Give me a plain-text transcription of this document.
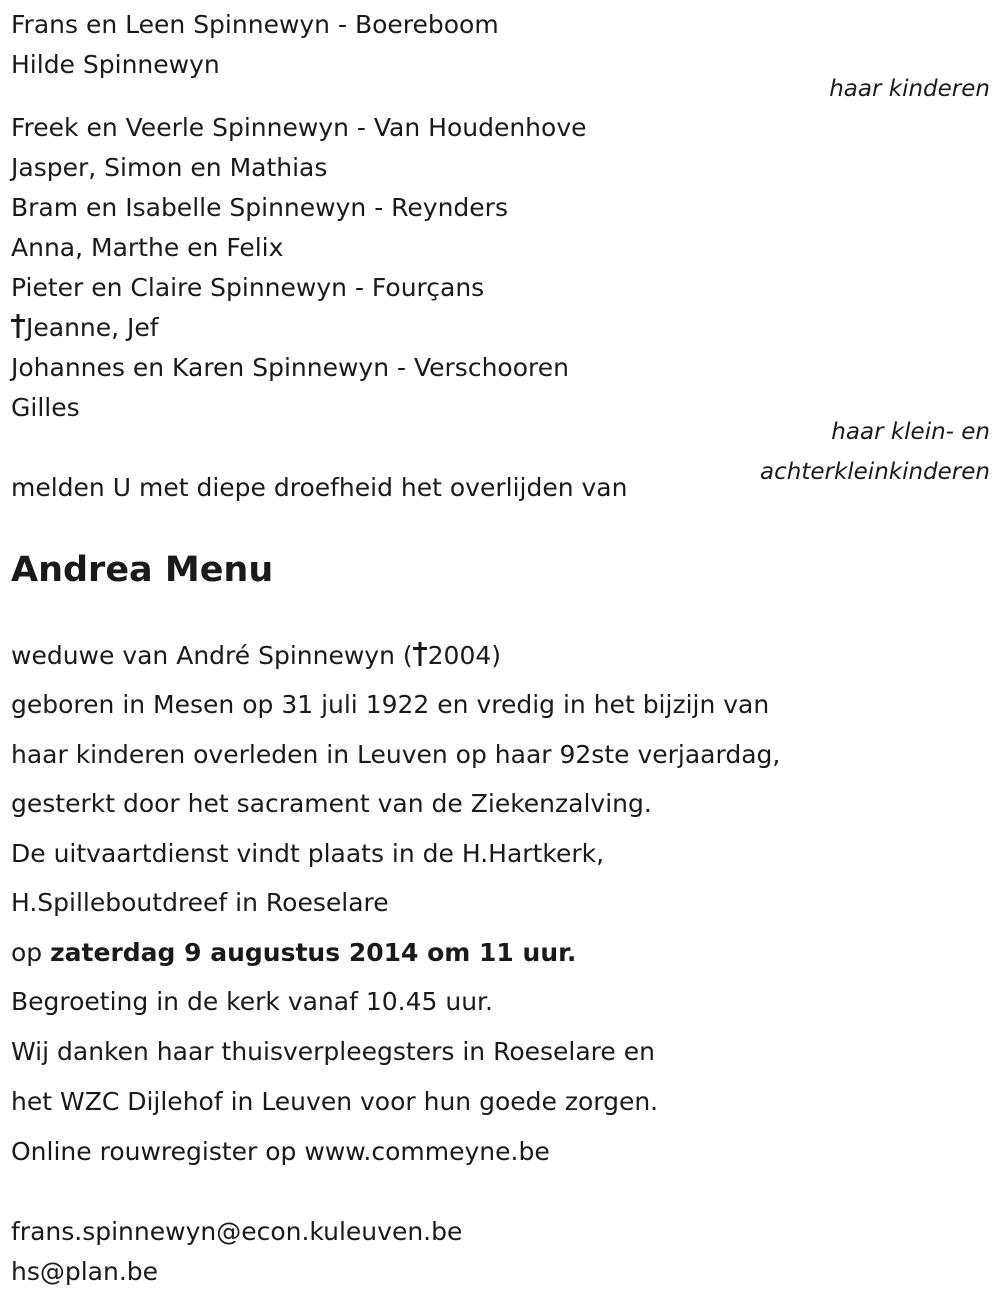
Frans en Leen Spinnewyn - Boereboom
Hilde Spinnewyn
haar kinderen
Freek en Veerle Spinnewyn - Van Houdenhove
Jasper, Simon en Mathias
Bram en Isabelle Spinnewyn - Reynders
Anna, Marthe en Felix
Pieter en Claire Spinnewyn - Fourçans
Jeanne, Jef
Johannes en Karen Spinnewyn - Verschooren
Gilles
haar klein- en
achterkleinkinderen
melden U met diepe droefheid het overlijden van
Andrea Menu
weduwe van André Spinnewyn ( 2004)
geboren in Mesen op 31 juli 1922 en vredig in het bijzijn van
haar kinderen overleden in Leuven op haar 92ste verjaardag,
gesterkt door het sacrament van de Ziekenzalving.
De uitvaartdienst vindt plaats in de H.Hartkerk,
H.Spilleboutdreef in Roeselare
op zaterdag 9 augustus 2014 om 11 uur.
Begroeting in de kerk vanaf 10.45 uur.
Wij danken haar thuisverpleegsters in Roeselare en
het WZC Dijlehof in Leuven voor hun goede zorgen.
Online rouwregister op www.commeyne.be
frans.spinnewyn@econ.kuleuven.be
hs@plan.be
